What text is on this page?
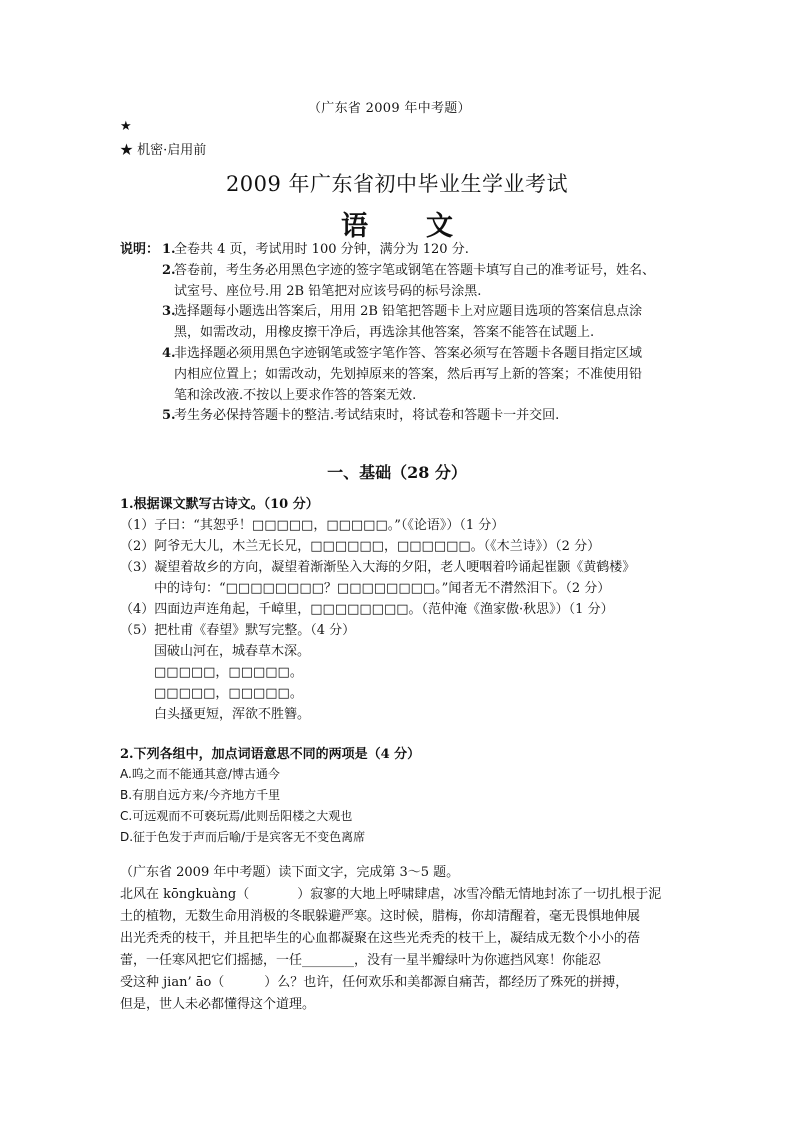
（广东省 2009 年中考题）
★
★ 机密·启用前
2009 年广东省初中毕业生学业考试
语 文
说明： 1.
全卷共 4 页，考试用时 100 分钟，满分为 120 分.
2.
答卷前，考生务必用黑色字迹的签字笔或钢笔在答题卡填写自己的准考证号，姓名、
试室号、座位号.用 2B 铅笔把对应该号码的标号涂黑.
3.
选择题每小题选出答案后，用用 2B 铅笔把答题卡上对应题目选项的答案信息点涂
黑，如需改动，用橡皮擦干净后，再选涂其他答案，答案不能答在试题上.
4.
非选择题必须用黑色字迹钢笔或签字笔作答、答案必须写在答题卡各题目指定区域
内相应位置上；如需改动，先划掉原来的答案，然后再写上新的答案；不准使用铅
笔和涂改液.不按以上要求作答的答案无效.
5.
考生务必保持答题卡的整洁.考试结束时，将试卷和答题卡一并交回.
一、基础（28 分）
1.根据课文默写古诗文。（10 分）
（1）子曰：“其恕乎！□□□□□，□□□□□。”（《论语》）（1 分）
（2）阿爷无大儿，木兰无长兄，□□□□□□，□□□□□□。（《木兰诗》）（2 分）
（3）凝望着故乡的方向，凝望着渐渐坠入大海的夕阳，老人哽咽着吟诵起崔颢《黄鹤楼》
中的诗句：“□□□□□□□□？□□□□□□□□。”闻者无不潸然泪下。（2 分）
（4）四面边声连角起，千嶂里，□□□□□□□□。（范仲淹《渔家傲·秋思》）（1 分）
（5）把杜甫《春望》默写完整。（4 分）
国破山河在，城春草木深。
□□□□□，□□□□□。
□□□□□，□□□□□。
白头搔更短，浑欲不胜簪。
2.下列各组中，加点词语意思不同的两项是（4 分）
A.呜之而不能通其意/博古通今
B.有朋自远方来/今齐地方千里
C.可远观而不可亵玩焉/此则岳阳楼之大观也
D.征于色发于声而后喻/于是宾客无不变色离席

（广东省 2009 年中考题）读下面文字，完成第 3～5 题。

北风在 kōngkuàng（	）寂寥的大地上呼啸肆虐，冰雪冷酷无情地封冻了一切扎根于泥

土的植物，无数生命用消极的冬眠躲避严寒。这时候，腊梅，你却清醒着，毫无畏惧地伸展

出光秃秃的枝干，并且把毕生的心血都凝聚在这些光秃秃的枝干上，凝结成无数个小小的蓓

蕾，一任寒风把它们摇撼，一任________，没有一星半瓣绿叶为你遮挡风寒！你能忍

受这种 jian’ āo（	）么？也许，任何欢乐和美都源自痛苦，都经历了殊死的拼搏，

但是，世人未必都懂得这个道理。
